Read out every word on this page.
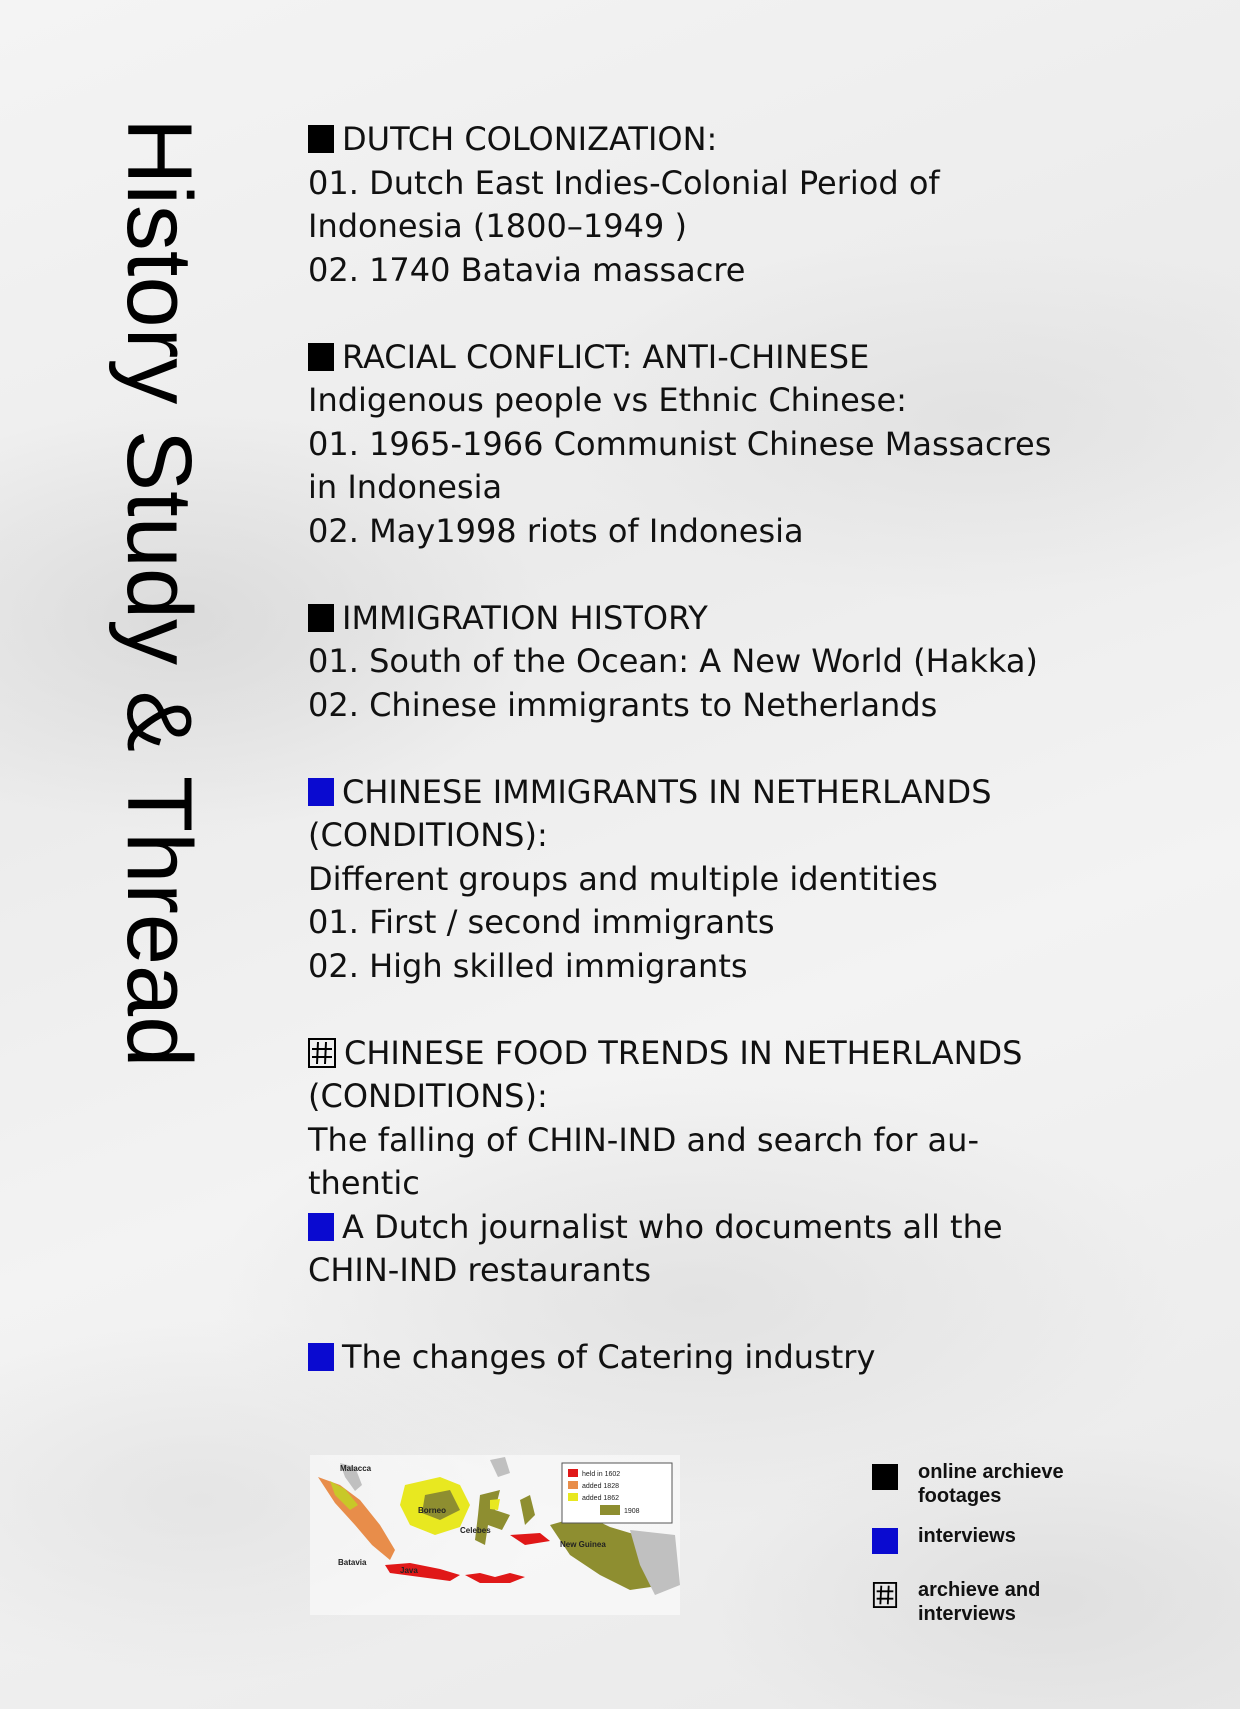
History Study & Thread	DUTCH COLONIZATION:
01. Dutch East Indies-Colonial Period of
Indonesia (1800–1949 )
02. 1740 Batavia massacre
RACIAL CONFLICT: ANTI-CHINESE
Indigenous people vs Ethnic Chinese:
01. 1965-1966 Communist Chinese Massacres
in Indonesia
02. May1998 riots of Indonesia
IMMIGRATION HISTORY
01. South of the Ocean: A New World (Hakka)
02. Chinese immigrants to Netherlands
CHINESE IMMIGRANTS IN NETHERLANDS
(CONDITIONS):
Different groups and multiple identities
01. First / second immigrants
02. High skilled immigrants
CHINESE FOOD TRENDS IN NETHERLANDS
(CONDITIONS):
The falling of CHIN-IND and search for au-
thentic
A Dutch journalist who documents all the
CHIN-IND restaurants
The changes of Catering industry
Malacca
Batavia
Java
Borneo
New Guinea
Celebes
held in 1602
added 1828
added 1862
1908
online archieve
footages
interviews
archieve and
interviews
